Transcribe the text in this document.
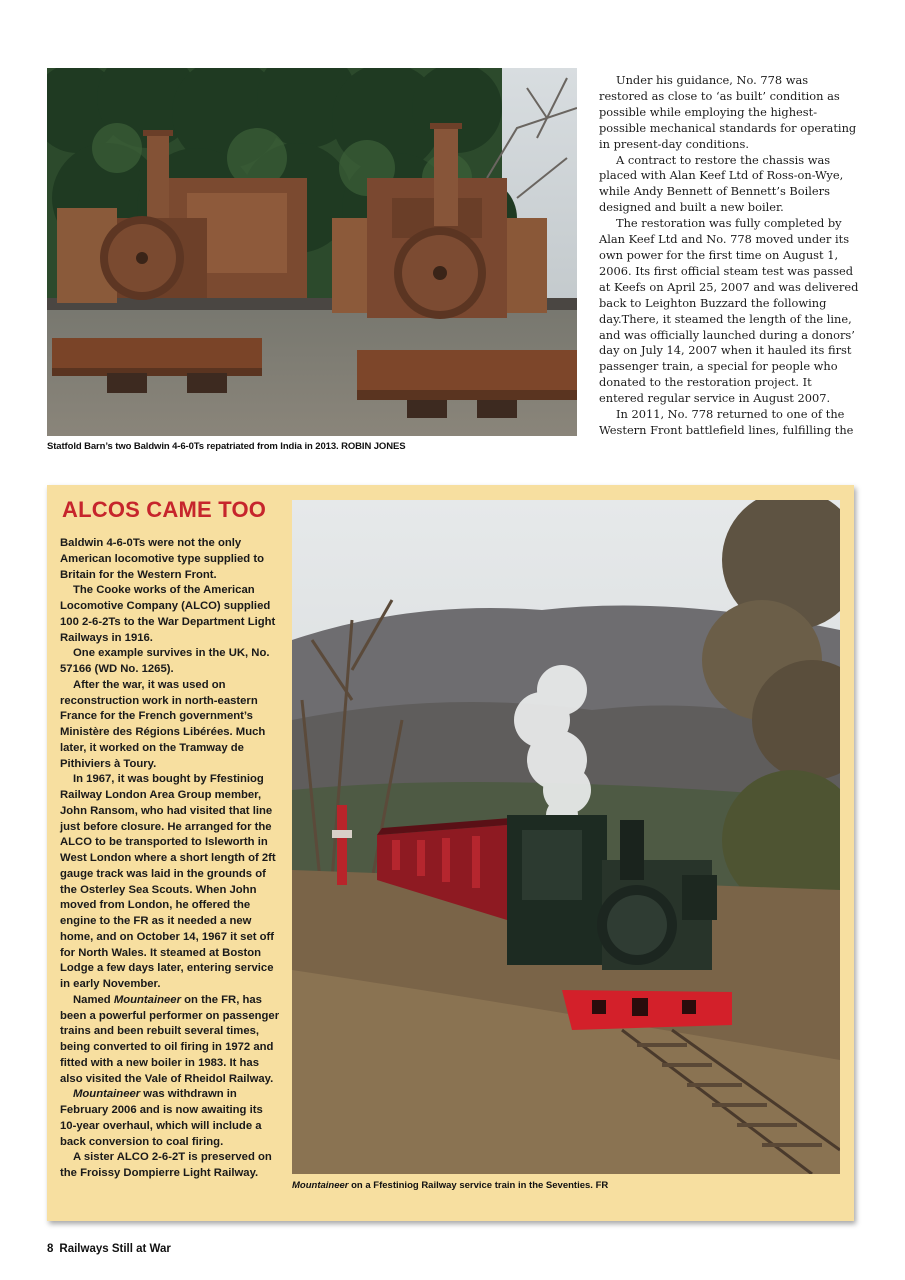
Statfold Barn’s two Baldwin 4-6-0Ts repatriated from India in 2013. ROBIN JONES

Under his guidance, No. 778 was restored as close to ‘as built’ condition as possible while employing the highest-possible mechanical standards for operating in present-day conditions.

A contract to restore the chassis was placed with Alan Keef Ltd of Ross-on-Wye, while Andy Bennett of Bennett’s Boilers designed and built a new boiler.

The restoration was fully completed by Alan Keef Ltd and No. 778 moved under its own power for the first time on August 1, 2006. Its first official steam test was passed at Keefs on April 25, 2007 and was delivered back to Leighton Buzzard the following day.There, it steamed the length of the line, and was officially launched during a donors’ day on July 14, 2007 when it hauled its first passenger train, a special for people who donated to the restoration project. It entered regular service in August 2007.

In 2011, No. 778 returned to one of the Western Front battlefield lines, fulfilling the

ALCOS CAME TOO

Baldwin 4-6-0Ts were not the only American locomotive type supplied to Britain for the Western Front.

The Cooke works of the American Locomotive Company (ALCO) supplied 100 2-6-2Ts to the War Department Light Railways in 1916.

One example survives in the UK, No. 57166 (WD No. 1265).

After the war, it was used on reconstruction work in north-eastern France for the French government’s Ministère des Régions Libérées. Much later, it worked on the Tramway de Pithiviers à Toury.

In 1967, it was bought by Ffestiniog Railway London Area Group member, John Ransom, who had visited that line just before closure. He arranged for the ALCO to be transported to Isleworth in West London where a short length of 2ft gauge track was laid in the grounds of the Osterley Sea Scouts. When John moved from London, he offered the engine to the FR as it needed a new home, and on October 14, 1967 it set off for North Wales. It steamed at Boston Lodge a few days later, entering service in early November.

Named Mountaineer on the FR, has been a powerful performer on passenger trains and been rebuilt several times, being converted to oil firing in 1972 and fitted with a new boiler in 1983. It has also visited the Vale of Rheidol Railway.

Mountaineer was withdrawn in February 2006 and is now awaiting its 10-year overhaul, which will include a back conversion to coal firing.

A sister ALCO 2-6-2T is preserved on the Froissy Dompierre Light Railway.

Mountaineer on a Ffestiniog Railway service train in the Seventies. FR
8 Railways Still at War
